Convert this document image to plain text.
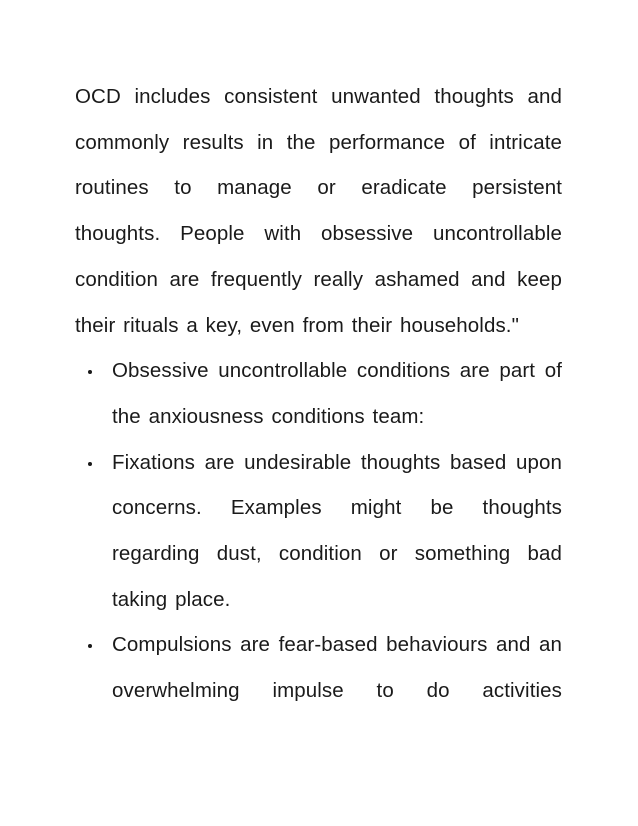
OCD includes consistent unwanted thoughts and commonly results in the performance of intricate routines to manage or eradicate persistent thoughts. People with obsessive uncontrollable condition are frequently really ashamed and keep their rituals a key, even from their households."

Obsessive uncontrollable conditions are part of the anxiousness conditions team:
Fixations are undesirable thoughts based upon concerns. Examples might be thoughts regarding dust, condition or something bad taking place.
Compulsions are fear-based behaviours and an overwhelming impulse to do activities
